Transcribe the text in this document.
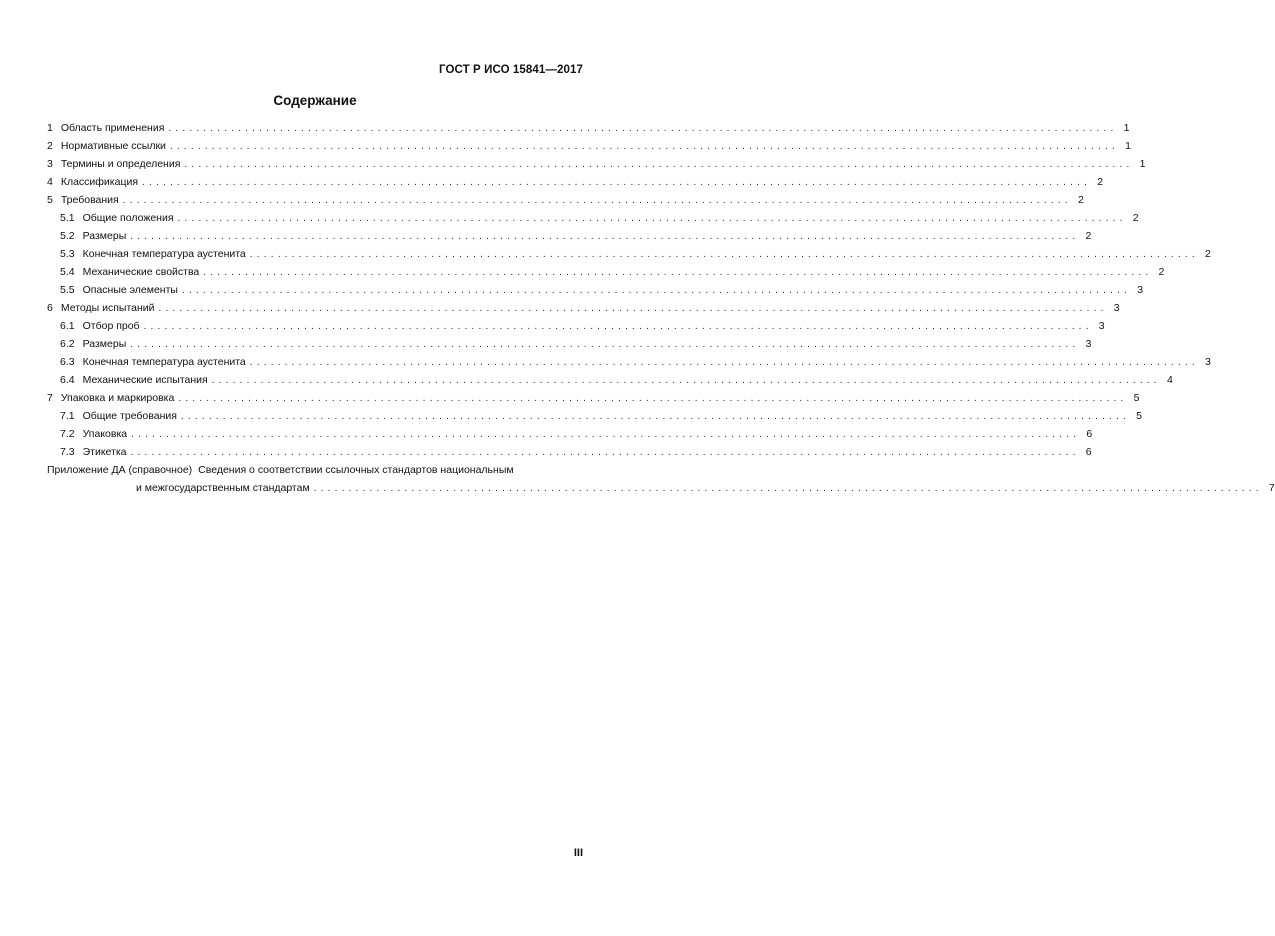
ГОСТ Р ИСО 15841—2017
Содержание
1 Область применения ........................................................................................................................................ 1
2 Нормативные ссылки ........................................................................................................................................ 1
3 Термины и определения ........................................................................................................................................ 1
4 Классификация ........................................................................................................................................ 2
5 Требования ........................................................................................................................................ 2
5.1 Общие положения ........................................................................................................................................ 2
5.2 Размеры ........................................................................................................................................ 2
5.3 Конечная температура аустенита ........................................................................................................................................ 2
5.4 Механические свойства ........................................................................................................................................ 2
5.5 Опасные элементы ........................................................................................................................................ 3
6 Методы испытаний ........................................................................................................................................ 3
6.1 Отбор проб ........................................................................................................................................ 3
6.2 Размеры ........................................................................................................................................ 3
6.3 Конечная температура аустенита ........................................................................................................................................ 3
6.4 Механические испытания ........................................................................................................................................ 4
7 Упаковка и маркировка ........................................................................................................................................ 5
7.1 Общие требования ........................................................................................................................................ 5
7.2 Упаковка ........................................................................................................................................ 6
7.3 Этикетка ........................................................................................................................................ 6
Приложение ДА (справочное) Сведения о соответствии ссылочных стандартов национальным
и межгосударственным стандартам ........................................................................................................................................ 7
III
